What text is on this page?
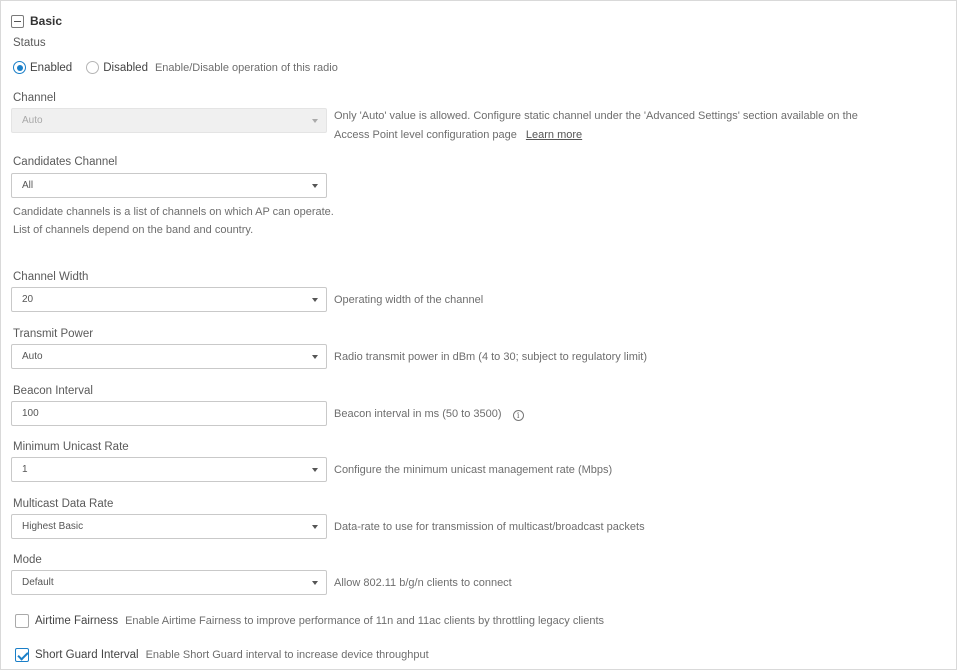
Basic
Status
Enabled	Disabled Enable/Disable operation of this radio
Channel
Auto	Only 'Auto' value is allowed. Configure static channel under the 'Advanced Settings' section available on the
Access Point level configuration page Learn more
Candidates Channel
All
Candidate channels is a list of channels on which AP can operate. List of channels depend on the band and country.
Channel Width
20	Operating width of the channel
Transmit Power
Auto	Radio transmit power in dBm (4 to 30; subject to regulatory limit)
Beacon Interval
100	Beacon interval in ms (50 to 3500) i
Minimum Unicast Rate
1	Configure the minimum unicast management rate (Mbps)
Multicast Data Rate
Highest Basic	Data-rate to use for transmission of multicast/broadcast packets
Mode
Default	Allow 802.11 b/g/n clients to connect
Airtime Fairness Enable Airtime Fairness to improve performance of 11n and 11ac clients by throttling legacy clients
Short Guard Interval Enable Short Guard interval to increase device throughput
